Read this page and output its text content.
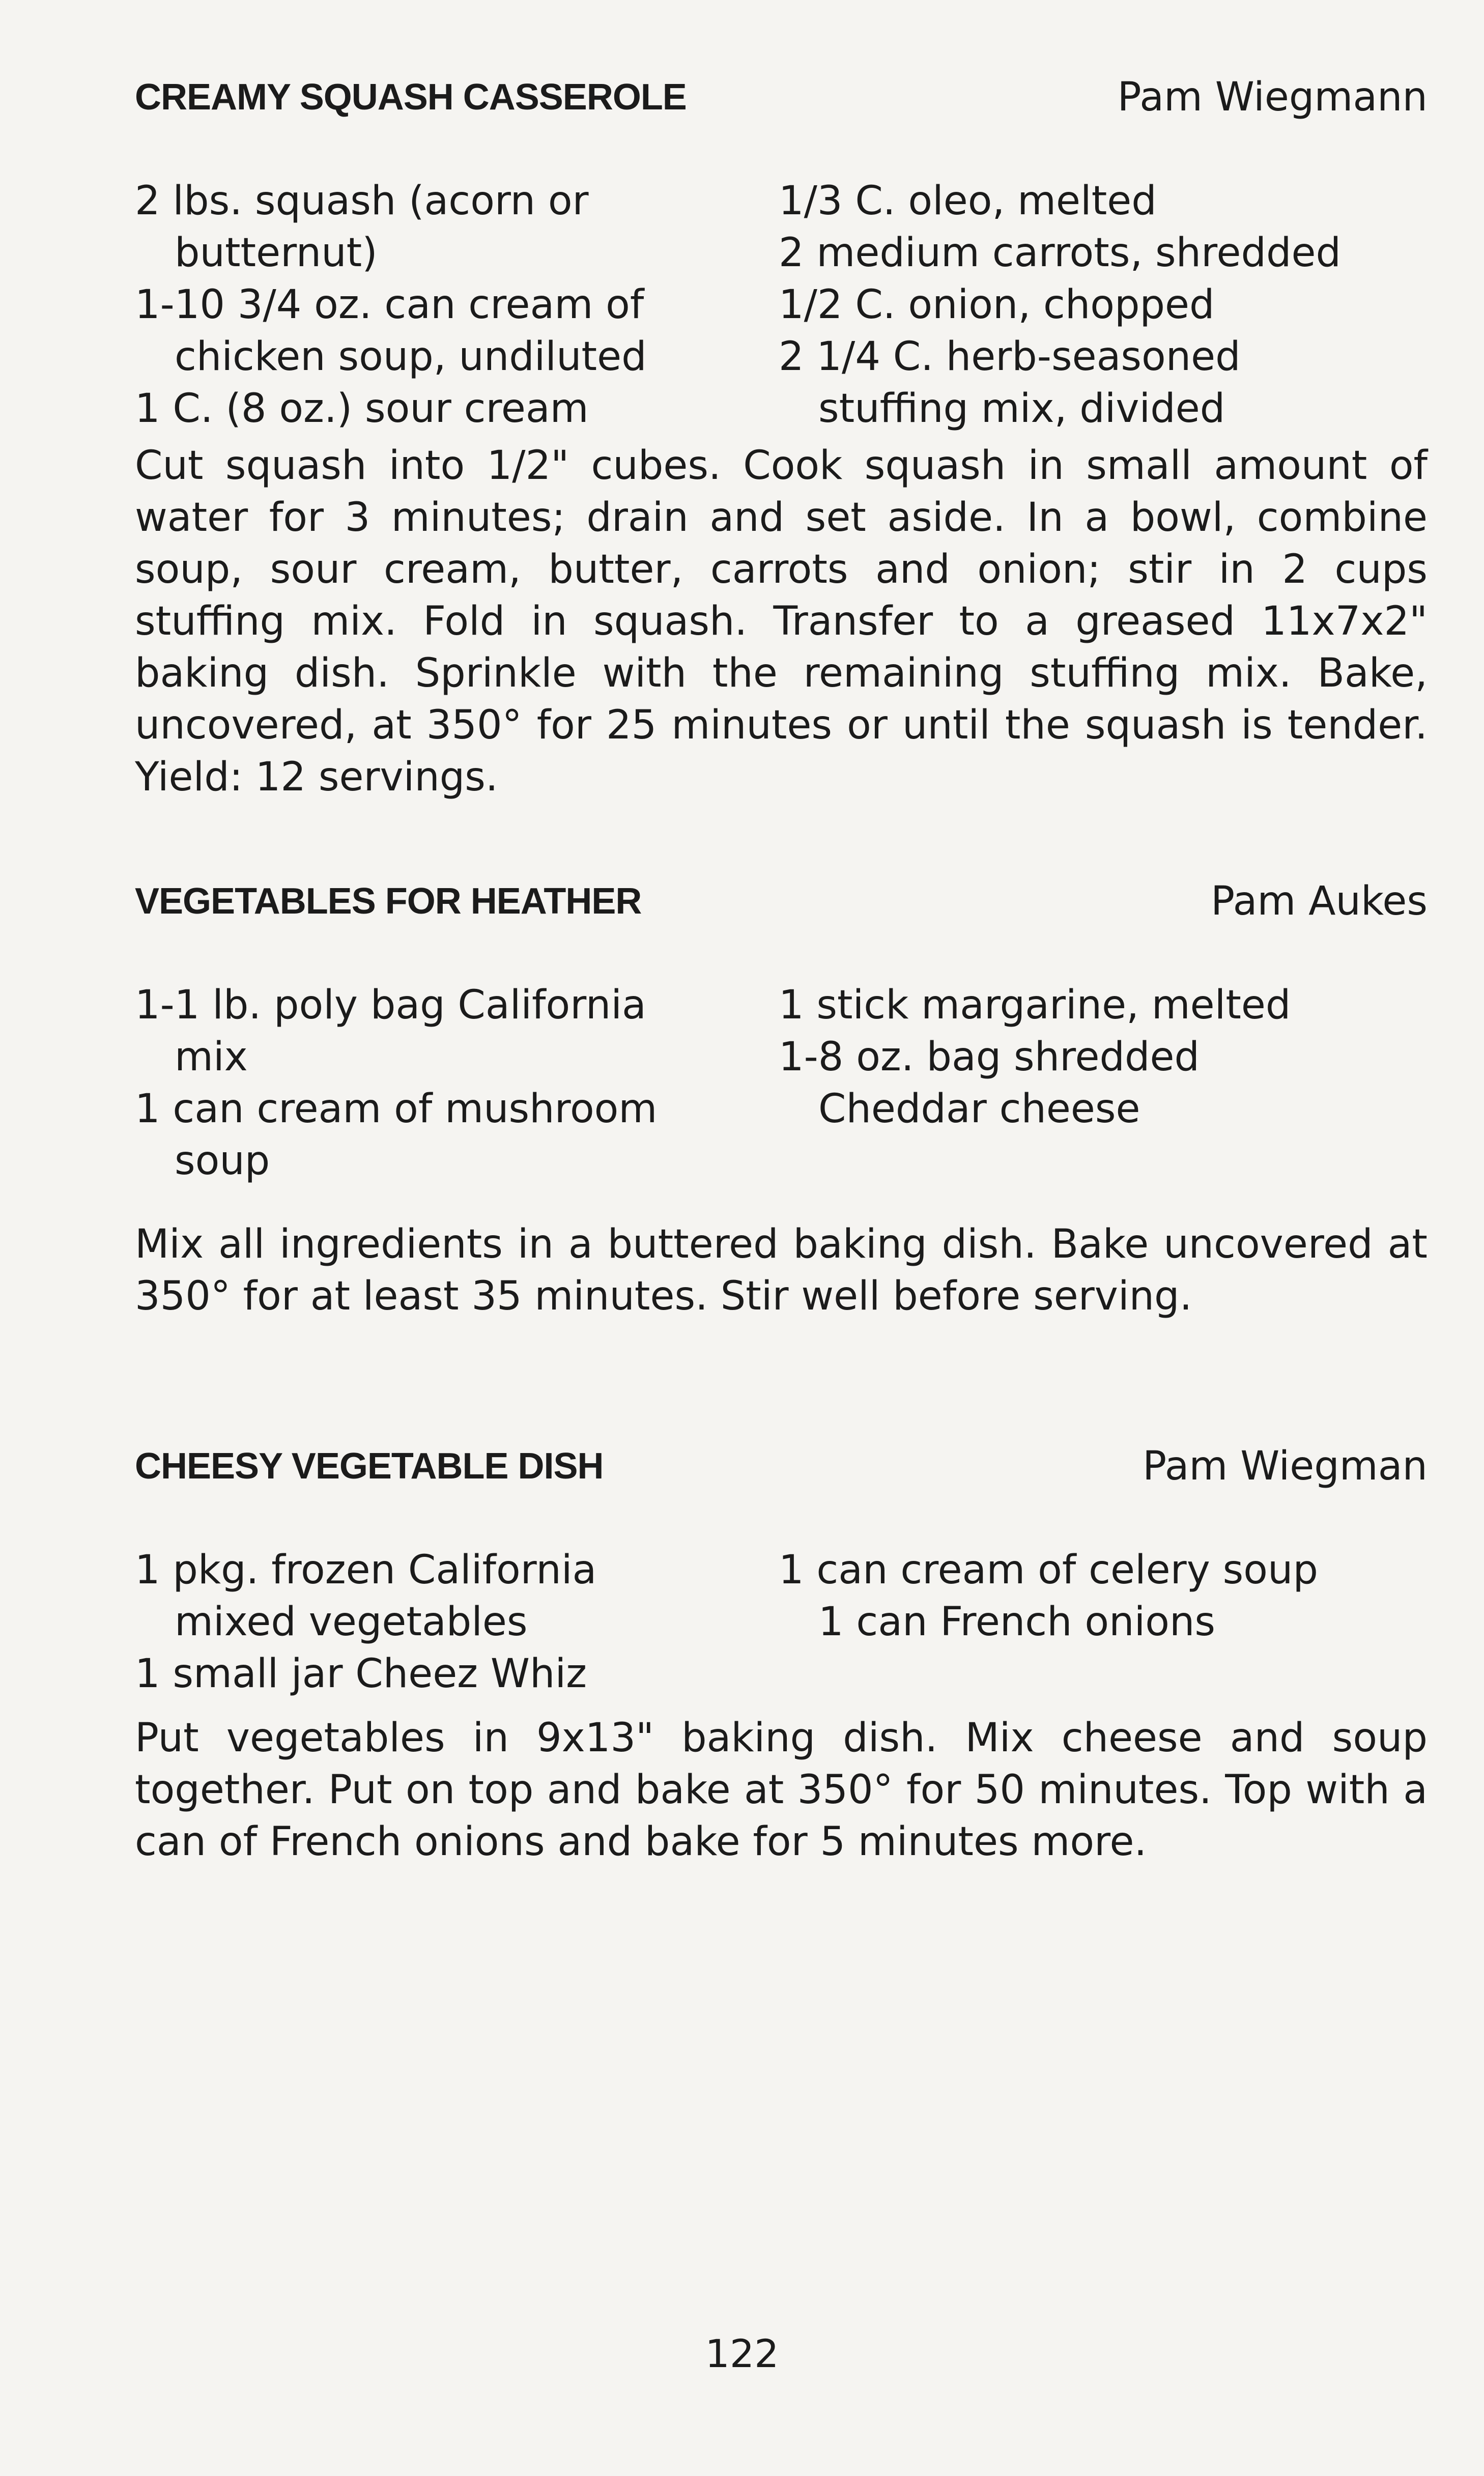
CREAMY SQUASH CASSEROLE	Pam Wiegmann
2 lbs. squash (acorn or
butternut)
1-10 3/4 oz. can cream of
chicken soup, undiluted
1 C. (8 oz.) sour cream
1/3 C. oleo, melted
2 medium carrots, shredded
1/2 C. onion, chopped
2 1/4 C. herb-seasoned
stuffing mix, divided

Cut squash into 1/2" cubes. Cook squash in small amount of water for 3 minutes; drain and set aside. In a bowl, combine soup, sour cream, butter, carrots and onion; stir in 2 cups stuffing mix. Fold in squash. Transfer to a greased 11x7x2" baking dish. Sprinkle with the remaining stuffing mix. Bake, uncovered, at 350° for 25 minutes or until the squash is tender. Yield: 12 servings.

VEGETABLES FOR HEATHER	Pam Aukes
1-1 lb. poly bag California
mix
1 can cream of mushroom
soup
1 stick margarine, melted
1-8 oz. bag shredded
Cheddar cheese

Mix all ingredients in a buttered baking dish. Bake uncovered at 350° for at least 35 minutes. Stir well before serving.

CHEESY VEGETABLE DISH	Pam Wiegman
1 pkg. frozen California
mixed vegetables
1 small jar Cheez Whiz
1 can cream of celery soup
1 can French onions

Put vegetables in 9x13" baking dish. Mix cheese and soup together. Put on top and bake at 350° for 50 minutes. Top with a can of French onions and bake for 5 minutes more.

122
